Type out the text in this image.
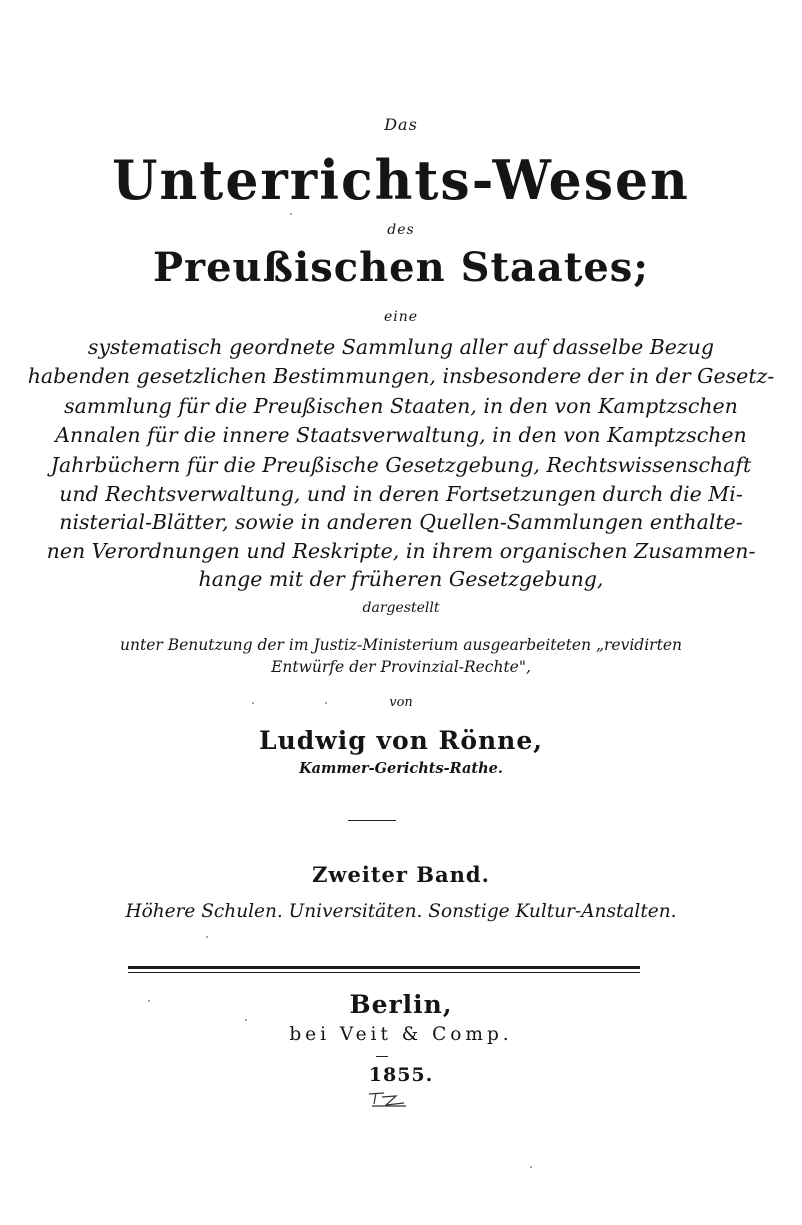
Das
Unterrichts-Wesen
des
Preußischen Staates;
eine
systematisch geordnete Sammlung aller auf dasselbe Bezug
habenden gesetzlichen Bestimmungen, insbesondere der in der Gesetz-
sammlung für die Preußischen Staaten, in den von Kamptzschen
Annalen für die innere Staatsverwaltung, in den von Kamptzschen
Jahrbüchern für die Preußische Gesetzgebung, Rechtswissenschaft
und Rechtsverwaltung, und in deren Fortsetzungen durch die Mi-
nisterial-Blätter, sowie in anderen Quellen-Sammlungen enthalte-
nen Verordnungen und Reskripte, in ihrem organischen Zusammen-
hange mit der früheren Gesetzgebung,
dargestellt
unter Benutzung der im Justiz-Ministerium ausgearbeiteten „revidirten
Entwürfe der Provinzial-Rechte",
von
Ludwig von Rönne,
Kammer-Gerichts-Rathe.
Zweiter Band.
Höhere Schulen. Universitäten. Sonstige Kultur-Anstalten.
Berlin,
bei Veit & Comp.
1855.
